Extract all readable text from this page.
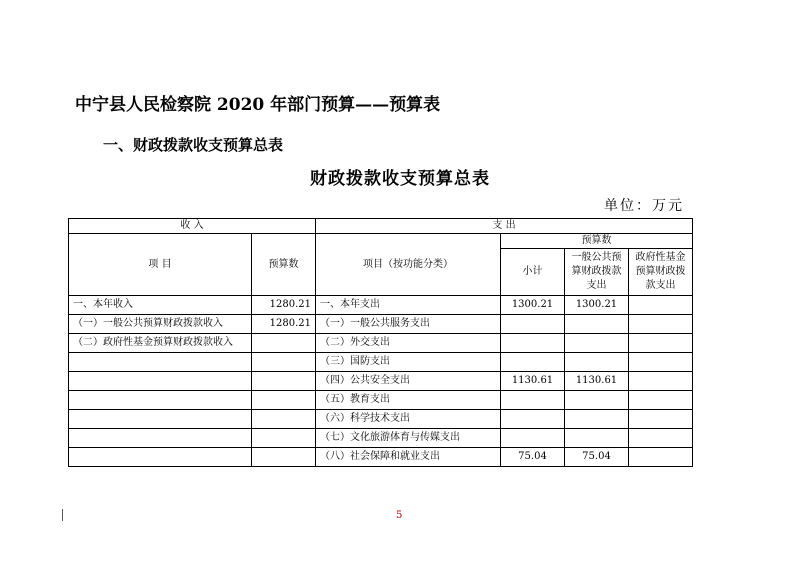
中宁县人民检察院 2020 年部门预算——预算表
一、财政拨款收支预算总表
财政拨款收支预算总表
单位：万元
收 入		支 出			
项 目	预算数	项目（按功能分类）	预算数		
			小计	一般公共预算财政拨款支出	政府性基金预算财政拨款支出
一、本年收入	1280.21	一、本年支出	1300.21	1300.21	
（一）一般公共预算财政拨款收入	1280.21	（一）一般公共服务支出			
（二）政府性基金预算财政拨款收入		（二）外交支出			
		（三）国防支出			
		（四）公共安全支出	1130.61	1130.61	
		（五）教育支出			
		（六）科学技术支出			
		（七）文化旅游体育与传媒支出			
		（八）社会保障和就业支出	75.04	75.04	
5
